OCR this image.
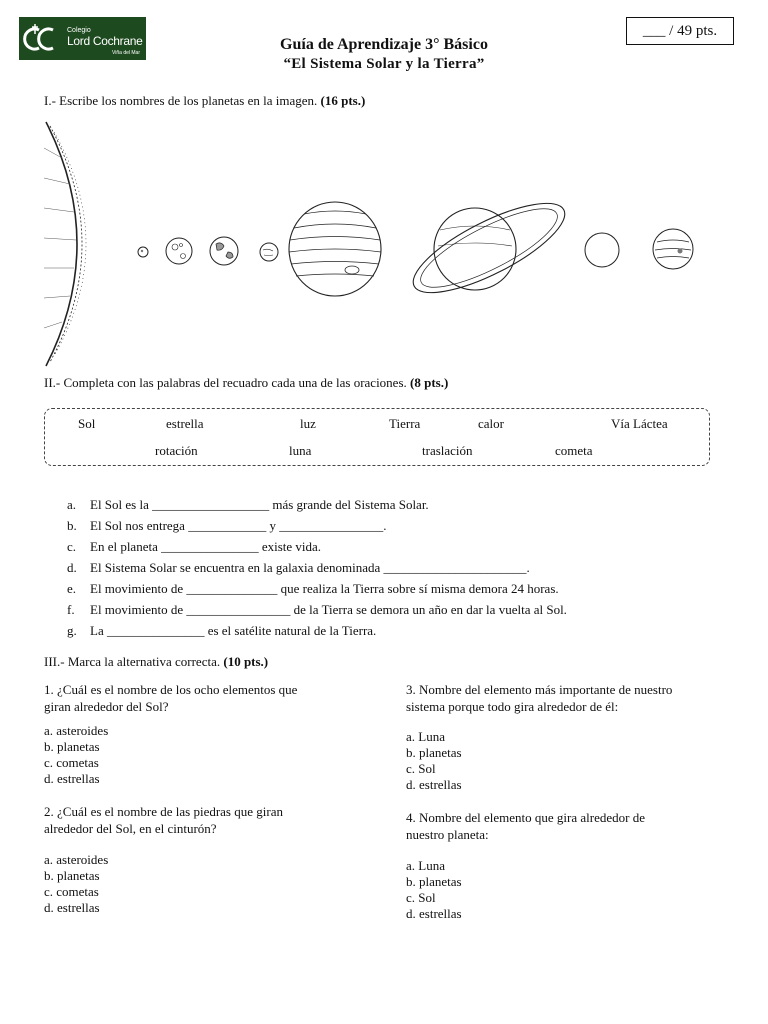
Colegio
Lord Cochrane
Viña del Mar
___ / 49 pts.
Guía de Aprendizaje 3° Básico
“El Sistema Solar y la Tierra”
I.- Escribe los nombres de los planetas en la imagen. (16 pts.)
II.- Completa con las palabras del recuadro cada una de las oraciones. (8 pts.)
Sol	estrella	luz	Tierra	calor	Vía Láctea
rotación	luna	traslación	cometa
a. El Sol es la __________________ más grande del Sistema Solar.
b. El Sol nos entrega ____________ y ________________.
c. En el planeta _______________ existe vida.
d. El Sistema Solar se encuentra en la galaxia denominada ______________________.
e. El movimiento de ______________ que realiza la Tierra sobre sí misma demora 24 horas.
f. El movimiento de ________________ de la Tierra se demora un año en dar la vuelta al Sol.
g. La _______________ es el satélite natural de la Tierra.
III.- Marca la alternativa correcta. (10 pts.)
1. ¿Cuál es el nombre de los ocho elementos que
giran alrededor del Sol?
a. asteroides
b. planetas
c. cometas
d. estrellas
2. ¿Cuál es el nombre de las piedras que giran
alrededor del Sol, en el cinturón?
a. asteroides
b. planetas
c. cometas
d. estrellas
3. Nombre del elemento más importante de nuestro
sistema porque todo gira alrededor de él:
a. Luna
b. planetas
c. Sol
d. estrellas
4. Nombre del elemento que gira alrededor de
nuestro planeta:
a. Luna
b. planetas
c. Sol
d. estrellas
